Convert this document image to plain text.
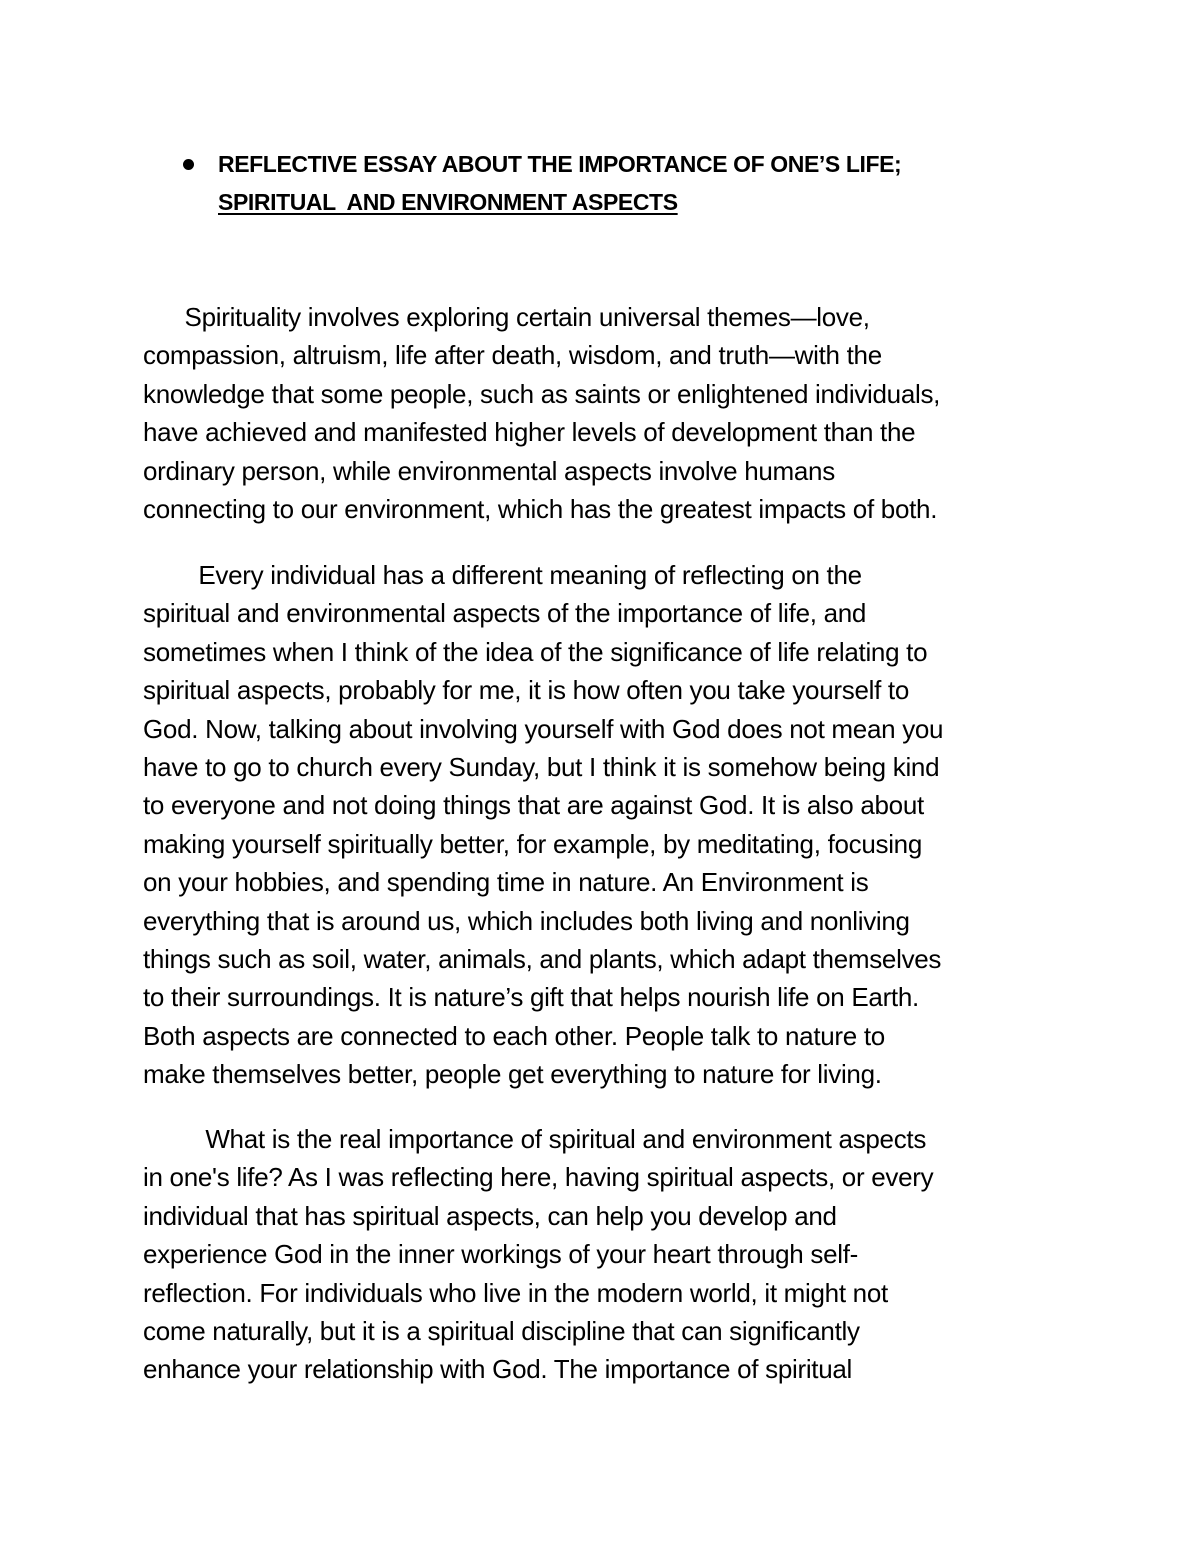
REFLECTIVE ESSAY ABOUT THE IMPORTANCE OF ONE’S LIFE;
SPIRITUAL  AND ENVIRONMENT ASPECTS

Spirituality involves exploring certain universal themes—love,
compassion, altruism, life after death, wisdom, and truth—with the
knowledge that some people, such as saints or enlightened individuals,
have achieved and manifested higher levels of development than the
ordinary person, while environmental aspects involve humans
connecting to our environment, which has the greatest impacts of both.

Every individual has a different meaning of reflecting on the
spiritual and environmental aspects of the importance of life, and
sometimes when I think of the idea of the significance of life relating to
spiritual aspects, probably for me, it is how often you take yourself to
God. Now, talking about involving yourself with God does not mean you
have to go to church every Sunday, but I think it is somehow being kind
to everyone and not doing things that are against God. It is also about
making yourself spiritually better, for example, by meditating, focusing
on your hobbies, and spending time in nature. An Environment is
everything that is around us, which includes both living and nonliving
things such as soil, water, animals, and plants, which adapt themselves
to their surroundings. It is nature’s gift that helps nourish life on Earth.
Both aspects are connected to each other. People talk to nature to
make themselves better, people get everything to nature for living.

What is the real importance of spiritual and environment aspects
in one's life? As I was reflecting here, having spiritual aspects, or every
individual that has spiritual aspects, can help you develop and
experience God in the inner workings of your heart through self-
reflection. For individuals who live in the modern world, it might not
come naturally, but it is a spiritual discipline that can significantly
enhance your relationship with God. The importance of spiritual
